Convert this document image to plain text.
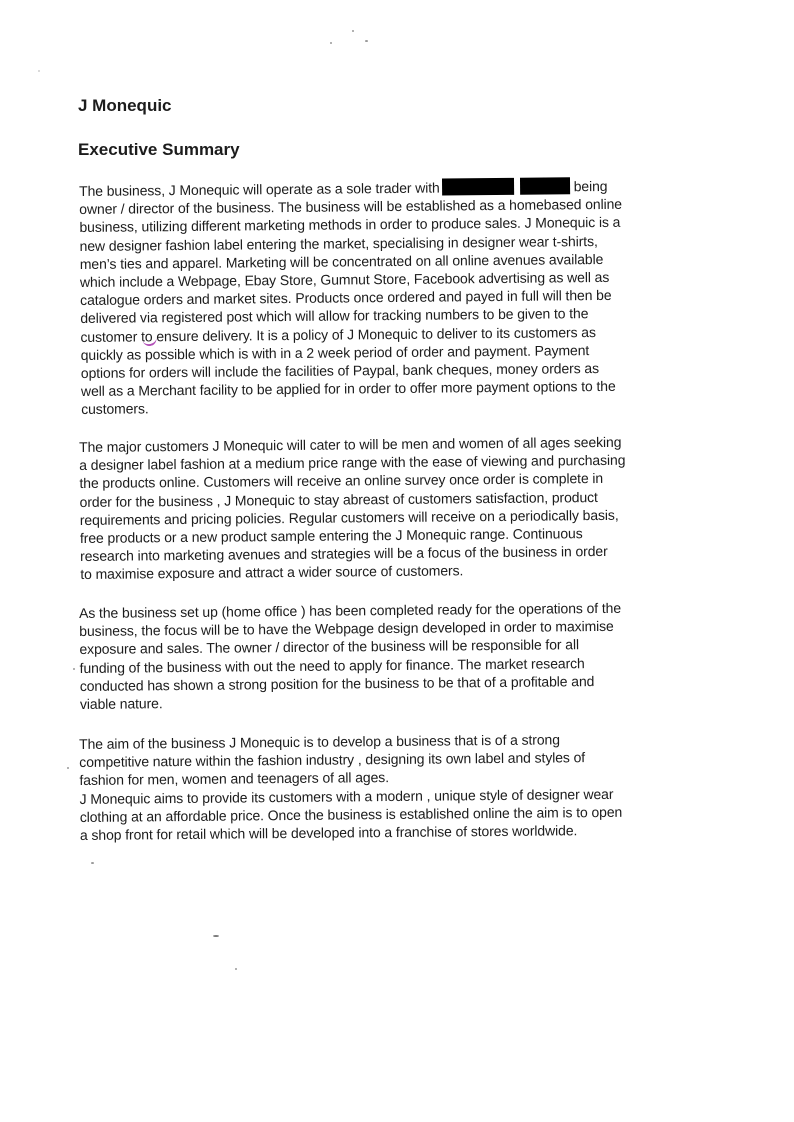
J Monequic
Executive Summary

The business, J Monequic will operate as a sole trader with	being
owner / director of the business. The business will be established as a homebased online
business, utilizing different marketing methods in order to produce sales. J Monequic is a
new designer fashion label entering the market, specialising in designer wear t-shirts,
men’s ties and apparel. Marketing will be concentrated on all online avenues available
which include a Webpage, Ebay Store, Gumnut Store, Facebook advertising as well as
catalogue orders and market sites. Products once ordered and payed in full will then be
delivered via registered post which will allow for tracking numbers to be given to the
customer to ensure delivery. It is a policy of J Monequic to deliver to its customers as
quickly as possible which is with in a 2 week period of order and payment. Payment
options for orders will include the facilities of Paypal, bank cheques, money orders as
well as a Merchant facility to be applied for in order to offer more payment options to the
customers.

The major customers J Monequic will cater to will be men and women of all ages seeking
a designer label fashion at a medium price range with the ease of viewing and purchasing
the products online. Customers will receive an online survey once order is complete in
order for the business , J Monequic to stay abreast of customers satisfaction, product
requirements and pricing policies. Regular customers will receive on a periodically basis,
free products or a new product sample entering the J Monequic range. Continuous
research into marketing avenues and strategies will be a focus of the business in order
to maximise exposure and attract a wider source of customers.

As the business set up (home office ) has been completed ready for the operations of the
business, the focus will be to have the Webpage design developed in order to maximise
exposure and sales. The owner / director of the business will be responsible for all
funding of the business with out the need to apply for finance. The market research
conducted has shown a strong position for the business to be that of a profitable and
viable nature.

The aim of the business J Monequic is to develop a business that is of a strong
competitive nature within the fashion industry , designing its own label and styles of
fashion for men, women and teenagers of all ages.
J Monequic aims to provide its customers with a modern , unique style of designer wear
clothing at an affordable price. Once the business is established online the aim is to open
a shop front for retail which will be developed into a franchise of stores worldwide.
